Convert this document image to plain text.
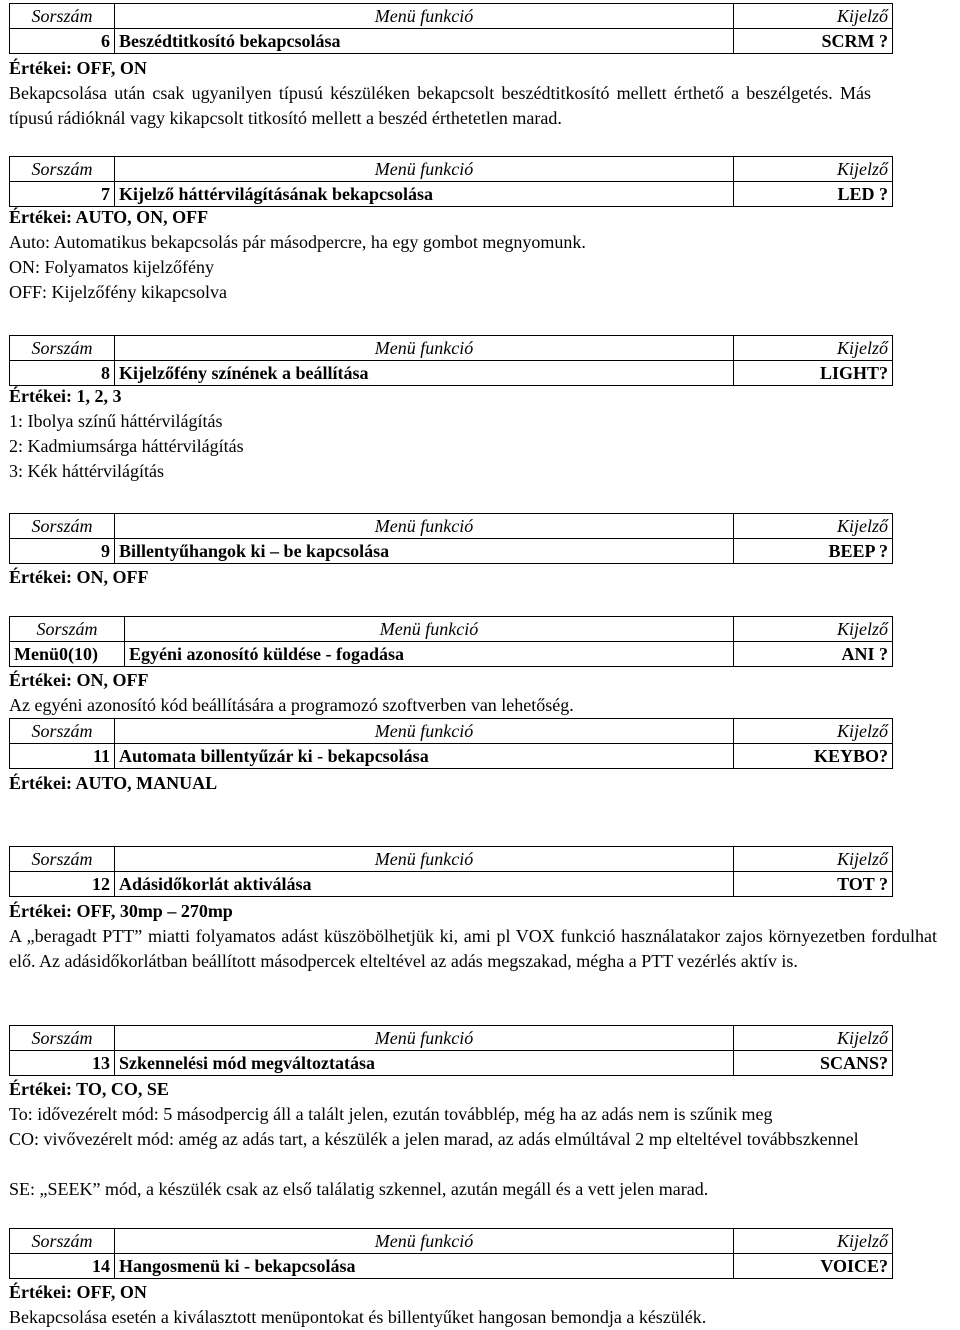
Sorszám	Menü funkció	Kijelző
6	Beszédtitkosító bekapcsolása	SCRM ?
Értékei: OFF, ON
Bekapcsolása után csak ugyanilyen típusú készüléken bekapcsolt beszédtitkosító mellett érthető a beszélgetés. Más típusú rádióknál vagy kikapcsolt titkosító mellett a beszéd érthetetlen marad.
Sorszám	Menü funkció	Kijelző
7	Kijelző háttérvilágításának bekapcsolása	LED ?
Értékei: AUTO, ON, OFF
Auto: Automatikus bekapcsolás pár másodpercre, ha egy gombot megnyomunk.
ON: Folyamatos kijelzőfény
OFF: Kijelzőfény kikapcsolva
Sorszám	Menü funkció	Kijelző
8	Kijelzőfény színének a beállítása	LIGHT?
Értékei: 1, 2, 3
1: Ibolya színű háttérvilágítás
2: Kadmiumsárga háttérvilágítás
3: Kék háttérvilágítás
Sorszám	Menü funkció	Kijelző
9	Billentyűhangok ki – be kapcsolása	BEEP ?
Értékei: ON, OFF
Sorszám	Menü funkció	Kijelző
Menü0(10)	Egyéni azonosító küldése - fogadása	ANI ?
Értékei: ON, OFF
Az egyéni azonosító kód beállítására a programozó szoftverben van lehetőség.
Sorszám	Menü funkció	Kijelző
11	Automata billentyűzár ki - bekapcsolása	KEYBO?
Értékei: AUTO, MANUAL
Sorszám	Menü funkció	Kijelző
12	Adásidőkorlát aktiválása	TOT ?
Értékei: OFF, 30mp – 270mp
A „beragadt PTT” miatti folyamatos adást küszöbölhetjük ki, ami pl VOX funkció használatakor zajos környezetben fordulhat elő. Az adásidőkorlátban beállított másodpercek elteltével az adás megszakad, mégha a PTT vezérlés aktív is.
Sorszám	Menü funkció	Kijelző
13	Szkennelési mód megváltoztatása	SCANS?
Értékei: TO, CO, SE
To: idővezérelt mód: 5 másodpercig áll a talált jelen, ezután továbblép, még ha az adás nem is szűnik meg
CO: vivővezérelt mód: amég az adás tart, a készülék a jelen marad, az adás elmúltával 2 mp elteltével továbbszkennel
SE: „SEEK” mód, a készülék csak az első találatig szkennel, azután megáll és a vett jelen marad.
Sorszám	Menü funkció	Kijelző
14	Hangosmenü ki - bekapcsolása	VOICE?
Értékei: OFF, ON
Bekapcsolása esetén a kiválasztott menüpontokat és billentyűket hangosan bemondja a készülék.
